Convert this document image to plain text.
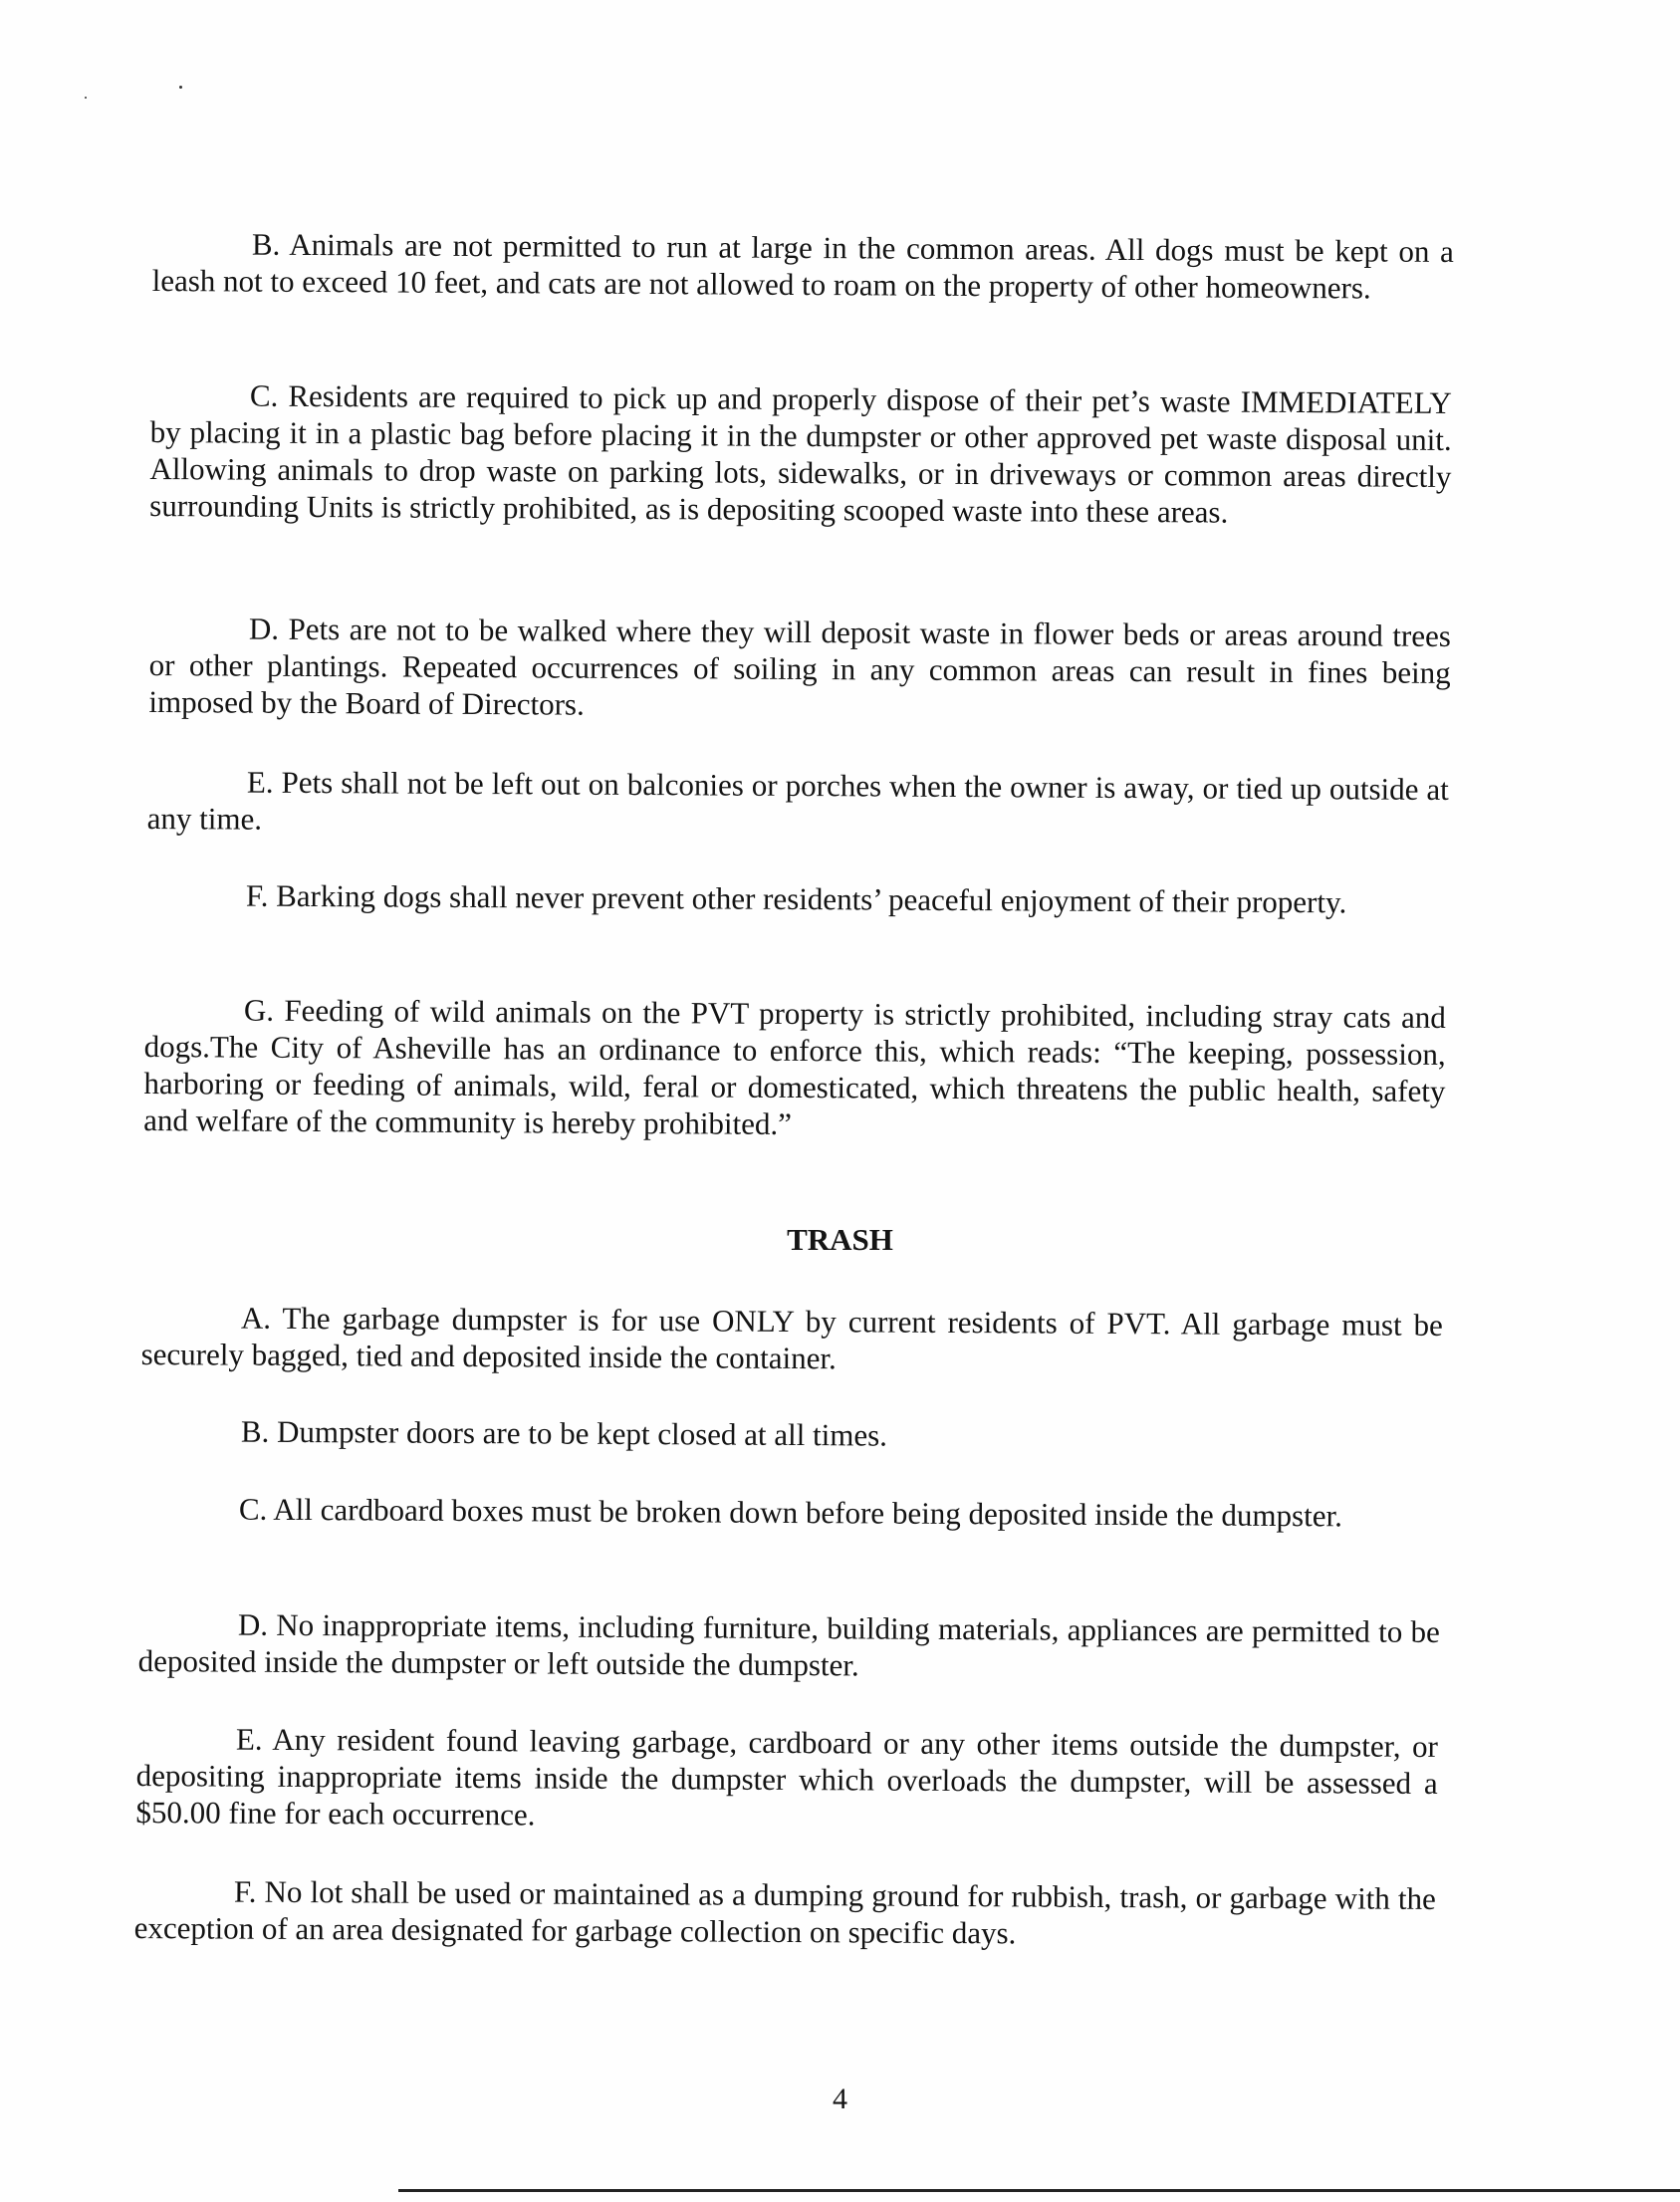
B. Animals are not permitted to run at large in the common areas. All dogs must be kept on a leash not to exceed 10 feet, and cats are not allowed to roam on the property of other homeowners.

C. Residents are required to pick up and properly dispose of their pet’s waste IMMEDIATELY by placing it in a plastic bag before placing it in the dumpster or other approved pet waste disposal unit. Allowing animals to drop waste on parking lots, sidewalks, or in driveways or common areas directly surrounding Units is strictly prohibited, as is depositing scooped waste into these areas.

D. Pets are not to be walked where they will deposit waste in flower beds or areas around trees or other plantings. Repeated occurrences of soiling in any common areas can result in fines being imposed by the Board of Directors.

E. Pets shall not be left out on balconies or porches when the owner is away, or tied up outside at any time.

F. Barking dogs shall never prevent other residents’ peaceful enjoyment of their property.

G. Feeding of wild animals on the PVT property is strictly prohibited, including stray cats and dogs.The City of Asheville has an ordinance to enforce this, which reads: “The keeping, possession, harboring or feeding of animals, wild, feral or domesticated, which threatens the public health, safety and welfare of the community is hereby prohibited.”

TRASH

A. The garbage dumpster is for use ONLY by current residents of PVT. All garbage must be securely bagged, tied and deposited inside the container.

B. Dumpster doors are to be kept closed at all times.

C. All cardboard boxes must be broken down before being deposited inside the dumpster.

D. No inappropriate items, including furniture, building materials, appliances are permitted to be deposited inside the dumpster or left outside the dumpster.

E. Any resident found leaving garbage, cardboard or any other items outside the dumpster, or depositing inappropriate items inside the dumpster which overloads the dumpster, will be assessed a $50.00 fine for each occurrence.

F. No lot shall be used or maintained as a dumping ground for rubbish, trash, or garbage with the exception of an area designated for garbage collection on specific days.

4
